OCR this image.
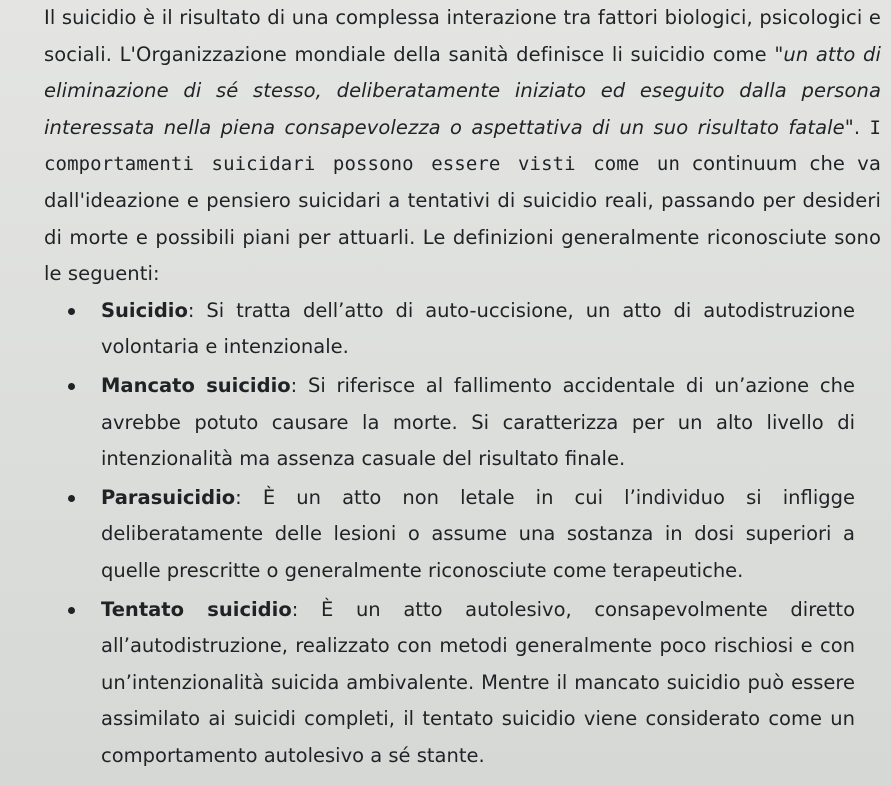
Il suicidio è il risultato di una complessa interazione tra fattori biologici, psicologici e sociali. L'Organizzazione mondiale della sanità definisce li suicidio come "un atto di eliminazione di sé stesso, deliberatamente iniziato ed eseguito dalla persona interessata nella piena consapevolezza o aspettativa di un suo risultato fatale". I comportamenti suicidari possono essere visti come un continuum che va dall'ideazione e pensiero suicidari a tentativi di suicidio reali, passando per desideri di morte e possibili piani per attuarli. Le definizioni generalmente riconosciute sono le seguenti:

Suicidio: Si tratta dell’atto di auto-uccisione, un atto di autodistruzione volontaria e intenzionale.
Mancato suicidio: Si riferisce al fallimento accidentale di un’azione che avrebbe potuto causare la morte. Si caratterizza per un alto livello di intenzionalità ma assenza casuale del risultato finale.
Parasuicidio: È un atto non letale in cui l’individuo si infligge deliberatamente delle lesioni o assume una sostanza in dosi superiori a quelle prescritte o generalmente riconosciute come terapeutiche.
Tentato suicidio: È un atto autolesivo, consapevolmente diretto all’autodistruzione, realizzato con metodi generalmente poco rischiosi e con un’intenzionalità suicida ambivalente. Mentre il mancato suicidio può essere assimilato ai suicidi completi, il tentato suicidio viene considerato come un comportamento autolesivo a sé stante.
